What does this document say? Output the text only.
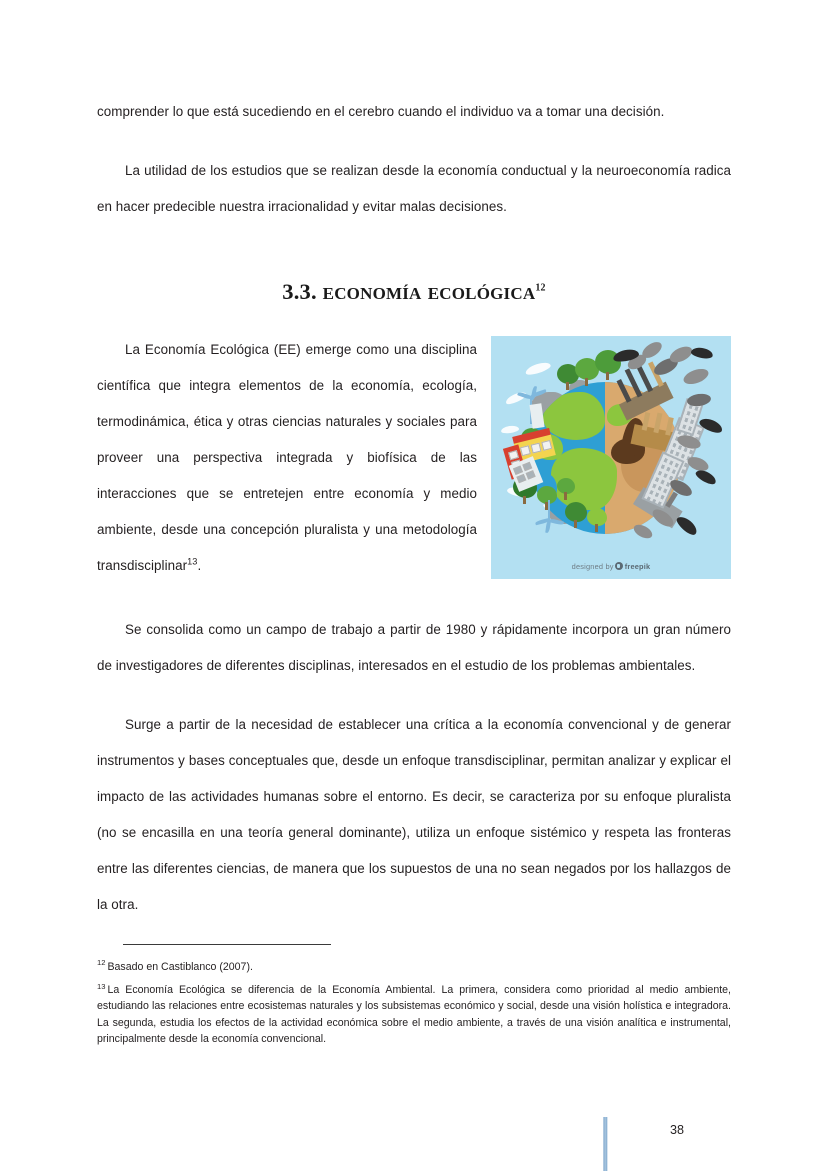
comprender lo que está sucediendo en el cerebro cuando el individuo va a tomar una decisión.

La utilidad de los estudios que se realizan desde la economía conductual y la neuroeconomía radica en hacer predecible nuestra irracionalidad y evitar malas decisiones.

3.3. economía ecológica$^{12}$
designed by freepik

La Economía Ecológica (EE) emerge como una disciplina científica que integra elementos de la economía, ecología, termodinámica, ética y otras ciencias naturales y sociales para proveer una perspectiva integrada y biofísica de las interacciones que se entretejen entre economía y medio ambiente, desde una concepción pluralista y una metodología transdisciplinar$^{13}$.

Se consolida como un campo de trabajo a partir de 1980 y rápidamente incorpora un gran número de investigadores de diferentes disciplinas, interesados en el estudio de los problemas ambientales.

Surge a partir de la necesidad de establecer una crítica a la economía convencional y de generar instrumentos y bases conceptuales que, desde un enfoque transdisciplinar, permitan analizar y explicar el impacto de las actividades humanas sobre el entorno. Es decir, se caracteriza por su enfoque pluralista (no se encasilla en una teoría general dominante), utiliza un enfoque sistémico y respeta las fronteras entre las diferentes ciencias, de manera que los supuestos de una no sean negados por los hallazgos de la otra.

$^{12}$ Basado en Castiblanco (2007).

$^{13}$ La Economía Ecológica se diferencia de la Economía Ambiental. La primera, considera como prioridad al medio ambiente, estudiando las relaciones entre ecosistemas naturales y los subsistemas económico y social, desde una visión holística e integradora. La segunda, estudia los efectos de la actividad económica sobre el medio ambiente, a través de una visión analítica e instrumental, principalmente desde la economía convencional.

38
